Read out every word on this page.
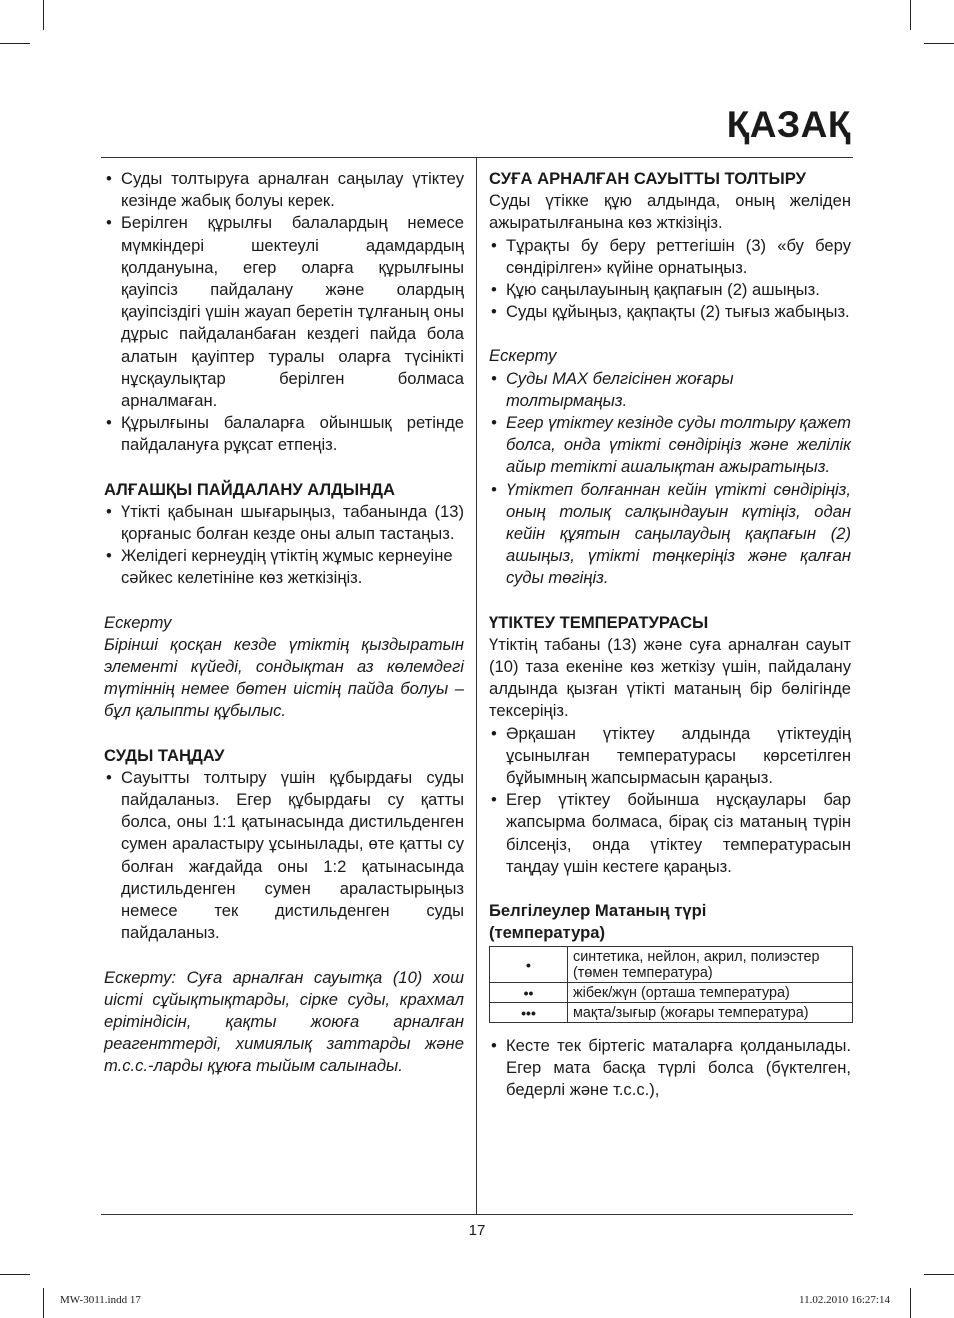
ҚАЗАҚ
• Суды толтыруға арналған саңылау үтіктеу кезінде жабық болуы керек.
• Берілген құрылғы балалардың немесе мүмкіндері шектеулі адамдардың қолдануына, егер оларға құрылғыны қауіпсіз пайдалану және олардың қауіпсіздігі үшін жауап беретін тұлғаның оны дұрыс пайдаланбаған кездегі пайда бола алатын қауіптер туралы оларға түсінікті нұсқаулықтар берілген болмаса арналмаған.
• Құрылғыны балаларға ойыншық ретінде пайдалануға рұқсат етпеңіз.

АЛҒАШҚЫ ПАЙДАЛАНУ АЛДЫНДА

• Үтікті қабынан шығарыңыз, табанында (13) қорғаныс болған кезде оны алып тастаңыз.
• Желідегі кернеудің үтіктің жұмыс кернеуіне сәйкес келетініне көз жеткізіңіз.

Ескерту

Бірінші қосқан кезде үтіктің қыздыратын элементі күйеді, сондықтан аз көлемдегі түтіннің немее бөтен иістің пайда болуы – бұл қалыпты құбылыс.

СУДЫ ТАҢДАУ

• Сауытты толтыру үшін құбырдағы суды пайдаланыз. Егер құбырдағы су қатты болса, оны 1:1 қатынасында дистильденген сумен араластыру ұсынылады, өте қатты су болған жағдайда оны 1:2 қатынасында дистильденген сумен араластырыңыз немесе тек дистильденген суды пайдаланыз.

Ескерту: Суға арналған сауытқа (10) хош иісті сұйықтықтарды, сірке суды, крахмал ерітіндісін, қақты жоюға арналған реагенттерді, химиялық заттарды және т.с.с.-ларды құюға тыйым салынады.

СУҒА АРНАЛҒАН САУЫТТЫ ТОЛТЫРУ

Суды үтікке құю алдында, оның желіден ажыратылғанына көз жткізіңіз.

• Тұрақты бу беру реттегішін (3) «бу беру сөндірілген» күйіне орнатыңыз.
• Құю саңылауының қақпағын (2) ашыңыз.
• Суды құйыңыз, қақпақты (2) тығыз жабыңыз.

Ескерту

• Суды MAX белгісінен жоғары толтырмаңыз.
• Егер үтіктеу кезінде суды толтыру қажет болса, онда үтікті сөндіріңіз және желілік айыр тетікті ашалықтан ажыратыңыз.
• Үтіктеп болғаннан кейін үтікті сөндіріңіз, оның толық салқындауын күтіңіз, одан кейін құятын саңылаудың қақпағын (2) ашыңыз, үтікті төңкеріңіз және қалған суды төгіңіз.

ҮТІКТЕУ ТЕМПЕРАТУРАСЫ

Үтіктің табаны (13) және суға арналған сауыт (10) таза екеніне көз жеткізу үшін, пайдалану алдында қызған үтікті матаның бір бөлігінде тексеріңіз.

• Әрқашан үтіктеу алдында үтіктеудің ұсынылған температурасы көрсетілген бұйымның жапсырмасын қараңыз.
• Егер үтіктеу бойынша нұсқаулары бар жапсырма болмаса, бірақ сіз матаның түрін білсеңіз, онда үтіктеу температурасын таңдау үшін кестеге қараңыз.

Белгілеулер Матаның түрі

(температура)

•	синтетика, нейлон, акрил, полиэстер (төмен температура)
••	жібек/жүн (орташа температура)
•••	мақта/зығыр (жоғары температура)
• Кесте тек біртегіс маталарға қолданылады. Егер мата басқа түрлі болса (бүктелген, бедерлі және т.с.с.),
17
MW-3011.indd 17	11.02.2010 16:27:14
